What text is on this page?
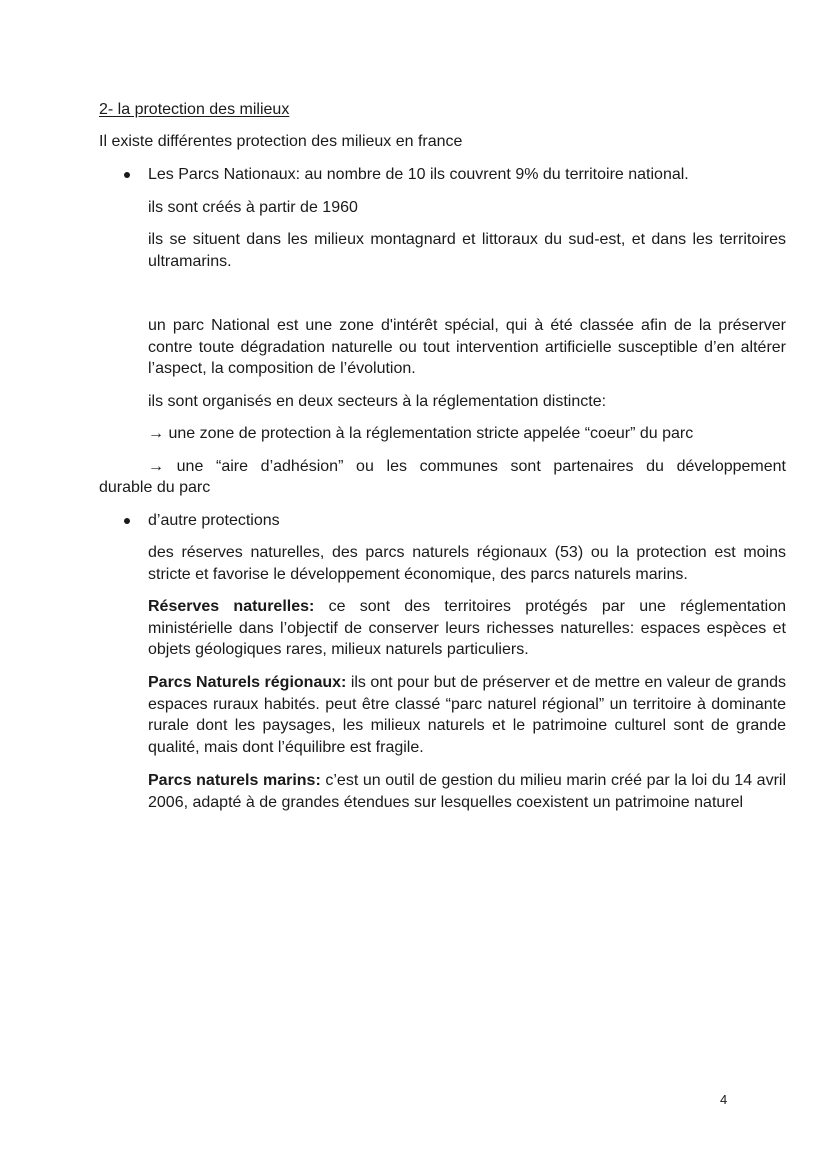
2- la protection des milieux
Il existe différentes protection des milieux en france
Les Parcs Nationaux: au nombre de 10 ils couvrent 9% du territoire national.
ils sont créés à partir de 1960
ils se situent dans les milieux montagnard et littoraux du sud-est, et dans les territoires ultramarins.
un parc National est une zone d'intérêt spécial, qui à été classée afin de la préserver contre toute dégradation naturelle ou tout intervention artificielle susceptible d’en altérer l’aspect, la composition de l’évolution.
ils sont organisés en deux secteurs à la réglementation distincte:
→ une zone de protection à la réglementation stricte appelée “coeur” du parc
→ une “aire d’adhésion” ou les communes sont partenaires du développement
durable du parc
d’autre protections
des réserves naturelles, des parcs naturels régionaux (53) ou la protection est moins stricte et favorise le développement économique, des parcs naturels marins.
Réserves naturelles: ce sont des territoires protégés par une réglementation ministérielle dans l’objectif de conserver leurs richesses naturelles: espaces espèces et objets géologiques rares, milieux naturels particuliers.
Parcs Naturels régionaux: ils ont pour but de préserver et de mettre en valeur de grands espaces ruraux habités. peut être classé “parc naturel régional” un territoire à dominante rurale dont les paysages, les milieux naturels et le patrimoine culturel sont de grande qualité, mais dont l’équilibre est fragile.
Parcs naturels marins: c’est un outil de gestion du milieu marin créé par la loi du 14 avril 2006, adapté à de grandes étendues sur lesquelles coexistent un patrimoine naturel
4
